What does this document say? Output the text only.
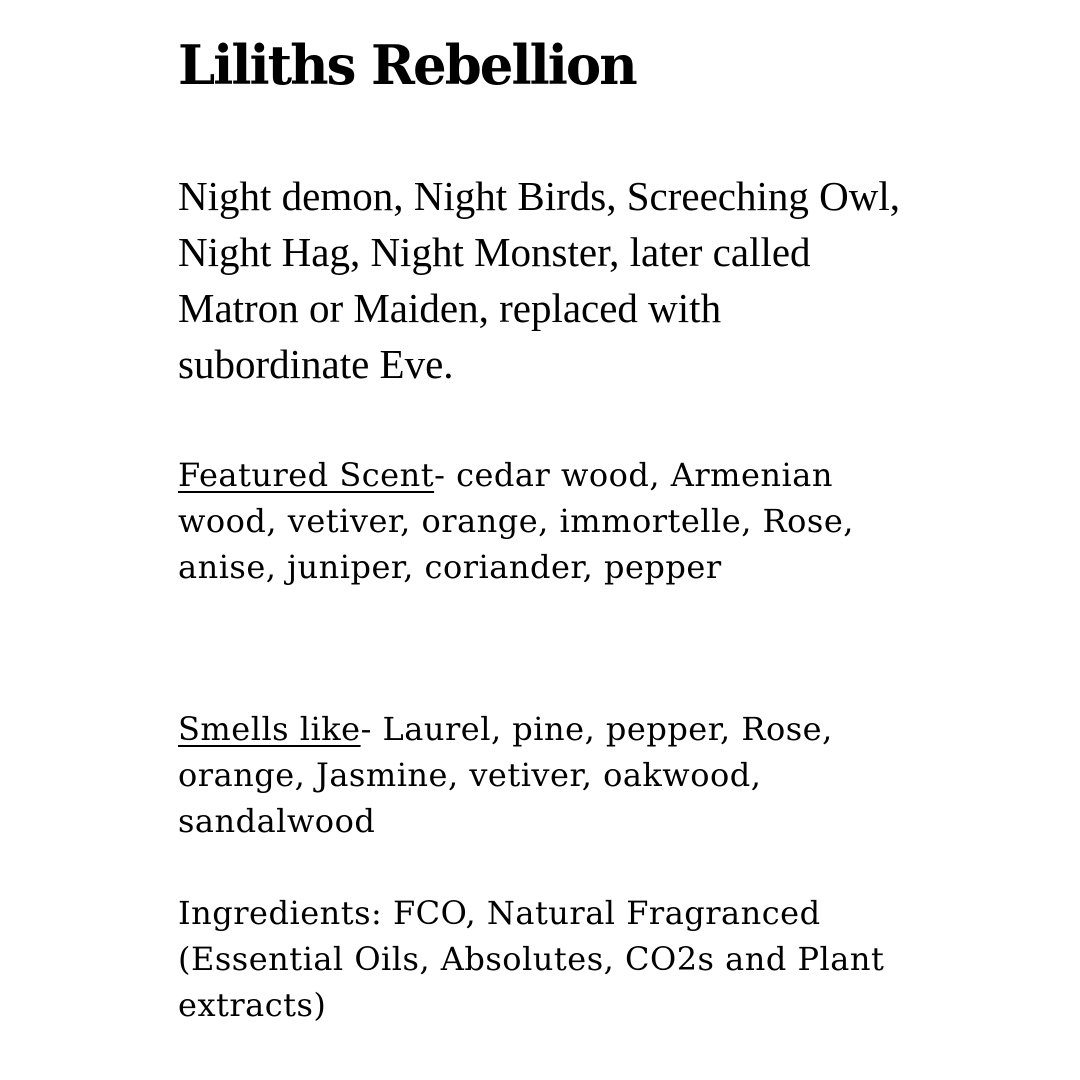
Liliths Rebellion

Night demon, Night Birds, Screeching Owl, Night Hag, Night Monster, later called Matron or Maiden, replaced with subordinate Eve.

Featured Scent- cedar wood, Armenian wood, vetiver, orange, immortelle, Rose, anise, juniper, coriander, pepper

Smells like- Laurel, pine, pepper, Rose, orange, Jasmine, vetiver, oakwood, sandalwood

Ingredients: FCO, Natural Fragranced (Essential Oils, Absolutes, CO2s and Plant extracts)
